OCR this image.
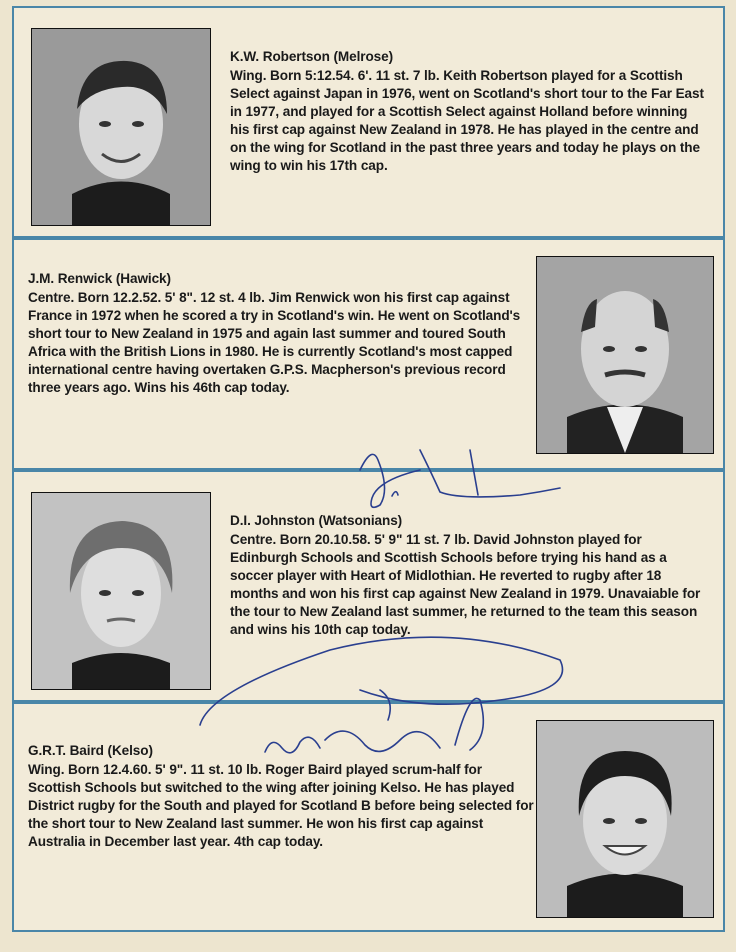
K.W. Robertson (Melrose)
Wing. Born 5:12.54. 6'. 11 st. 7 lb. Keith Robertson played for a Scottish Select against Japan in 1976, went on Scotland's short tour to the Far East in 1977, and played for a Scottish Select against Holland before winning his first cap against New Zealand in 1978. He has played in the centre and on the wing for Scotland in the past three years and today he plays on the wing to win his 17th cap.
J.M. Renwick (Hawick)
Centre. Born 12.2.52. 5' 8". 12 st. 4 lb. Jim Renwick won his first cap against France in 1972 when he scored a try in Scotland's win. He went on Scotland's short tour to New Zealand in 1975 and again last summer and toured South Africa with the British Lions in 1980. He is currently Scotland's most capped international centre having overtaken G.P.S. Macpherson's previous record three years ago. Wins his 46th cap today.
D.I. Johnston (Watsonians)
Centre. Born 20.10.58. 5' 9" 11 st. 7 lb. David Johnston played for Edinburgh Schools and Scottish Schools before trying his hand as a soccer player with Heart of Midlothian. He reverted to rugby after 18 months and won his first cap against New Zealand in 1979. Unavaiable for the tour to New Zealand last summer, he returned to the team this season and wins his 10th cap today.
G.R.T. Baird (Kelso)
Wing. Born 12.4.60. 5' 9". 11 st. 10 lb. Roger Baird played scrum-half for Scottish Schools but switched to the wing after joining Kelso. He has played District rugby for the South and played for Scotland B before being selected for the short tour to New Zealand last summer. He won his first cap against Australia in December last year. 4th cap today.
